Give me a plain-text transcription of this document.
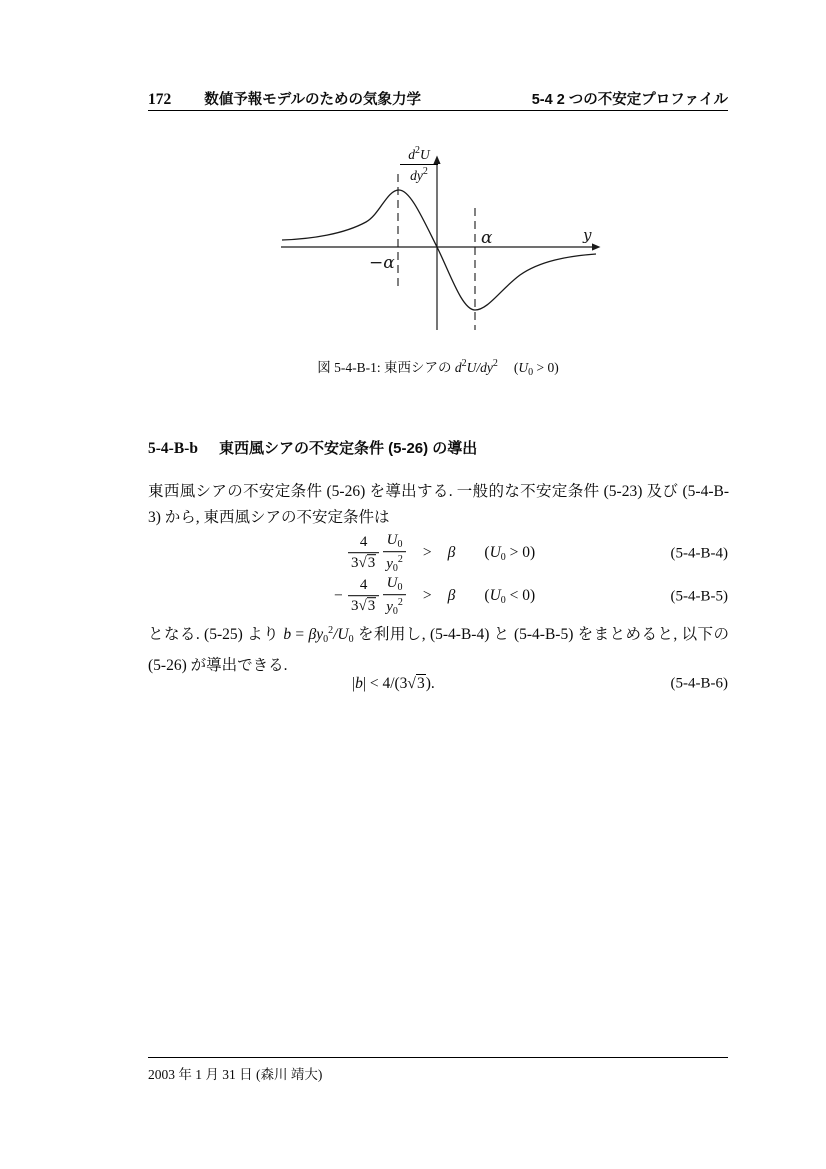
172 数値予報モデルのための気象力学	5-4 2 つの不安定プロファイル
−α
α	y
$\frac{d^2U}{dy^2}$
図 5-4-B-1: 東西シアの $d^2U/dy^2$ $(U_0 > 0)$
5-4-B-b 東西風シアの不安定条件 (5-26) の導出
東西風シアの不安定条件 (5-26) を導出する. 一般的な不安定条件 (5-23) 及び (5-4-B-3) から, 東西風シアの不安定条件は
$\frac{4}{3√3} \frac{U_0}{y_0^2} > \beta$ (U0 > 0)	(5-4-B-4)
− $\frac{4}{3√3} \frac{U_0}{y_0^2} > \beta$ (U0 < 0)	(5-4-B-5)
となる. (5-25) より $b = \beta y0^2/U0$ を利用し, (5-4-B-4) と (5-4-B-5) をまとめると, 以下の (5-26) が導出できる.
|b| < 4/(3√3).	(5-4-B-6)
2003 年 1 月 31 日 (森川 靖大)
